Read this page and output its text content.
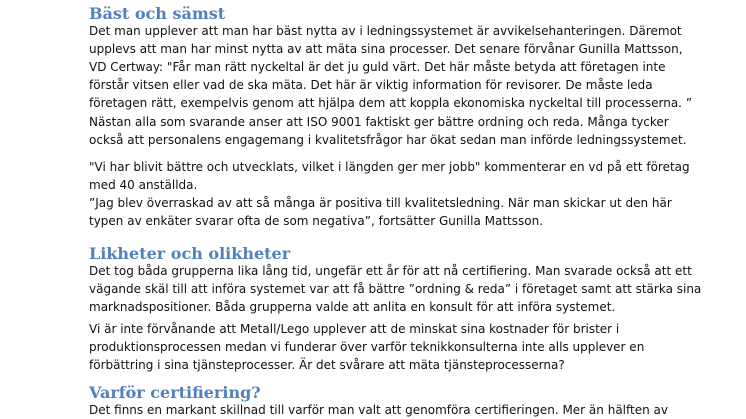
Bäst och sämst
Det man upplever att man har bäst nytta av i ledningssystemet är avvikelsehanteringen. Däremot
upplevs att man har minst nytta av att mäta sina processer. Det senare förvånar Gunilla Mattsson,
VD Certway: "Får man rätt nyckeltal är det ju guld värt. Det här måste betyda att företagen inte
förstår vitsen eller vad de ska mäta. Det här är viktig information för revisorer. De måste leda
företagen rätt, exempelvis genom att hjälpa dem att koppla ekonomiska nyckeltal till processerna. ”
Nästan alla som svarande anser att ISO 9001 faktiskt ger bättre ordning och reda. Många tycker
också att personalens engagemang i kvalitetsfrågor har ökat sedan man införde ledningssystemet.
"Vi har blivit bättre och utvecklats, vilket i längden ger mer jobb" kommenterar en vd på ett företag
med 40 anställda.
”Jag blev överraskad av att så många är positiva till kvalitetsledning. När man skickar ut den här
typen av enkäter svarar ofta de som negativa”, fortsätter Gunilla Mattsson.
Likheter och olikheter
Det tog båda grupperna lika lång tid, ungefär ett år för att nå certifiering. Man svarade också att ett
vägande skäl till att införa systemet var att få bättre ”ordning & reda” i företaget samt att stärka sina
marknadspositioner. Båda grupperna valde att anlita en konsult för att införa systemet.
Vi är inte förvånande att Metall/Lego upplever att de minskat sina kostnader för brister i
produktionsprocessen medan vi funderar över varför teknikkonsulterna inte alls upplever en
förbättring i sina tjänsteprocesser. Är det svårare att mäta tjänsteprocesserna?
Varför certifiering?
Det finns en markant skillnad till varför man valt att genomföra certifieringen. Mer än hälften av
